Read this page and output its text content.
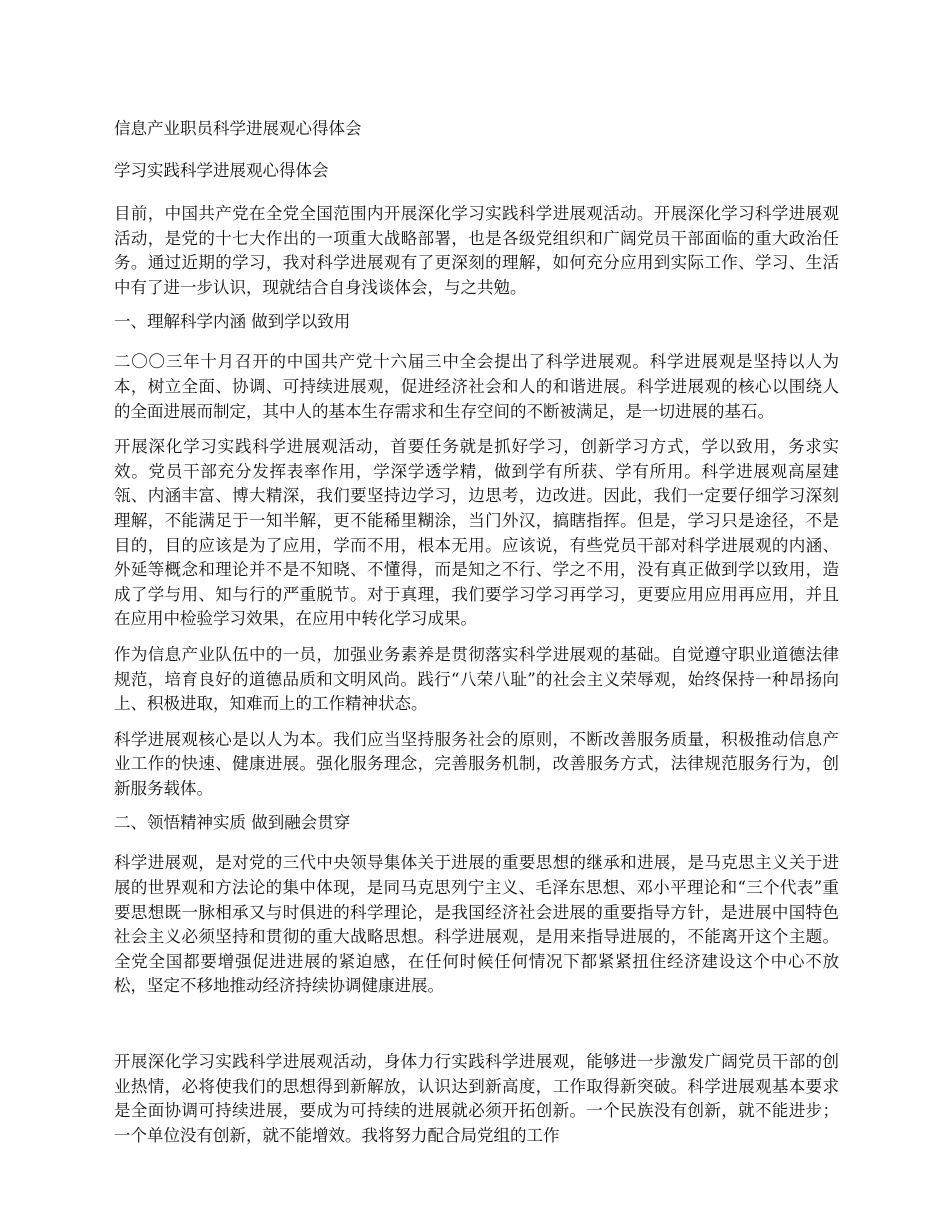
信息产业职员科学进展观心得体会
学习实践科学进展观心得体会

目前，中国共产党在全党全国范围内开展深化学习实践科学进展观活动。开展深化学习科学进展观活动，是党的十七大作出的一项重大战略部署，也是各级党组织和广阔党员干部面临的重大政治任务。通过近期的学习，我对科学进展观有了更深刻的理解，如何充分应用到实际工作、学习、生活中有了进一步认识，现就结合自身浅谈体会，与之共勉。

一、理解科学内涵 做到学以致用

二〇〇三年十月召开的中国共产党十六届三中全会提出了科学进展观。科学进展观是坚持以人为本，树立全面、协调、可持续进展观，促进经济社会和人的和谐进展。科学进展观的核心以围绕人的全面进展而制定，其中人的基本生存需求和生存空间的不断被满足，是一切进展的基石。

开展深化学习实践科学进展观活动，首要任务就是抓好学习，创新学习方式，学以致用，务求实效。党员干部充分发挥表率作用，学深学透学精，做到学有所获、学有所用。科学进展观高屋建瓴、内涵丰富、博大精深，我们要坚持边学习，边思考，边改进。因此，我们一定要仔细学习深刻理解，不能满足于一知半解，更不能稀里糊涂，当门外汉，搞瞎指挥。但是，学习只是途径，不是目的，目的应该是为了应用，学而不用，根本无用。应该说，有些党员干部对科学进展观的内涵、外延等概念和理论并不是不知晓、不懂得，而是知之不行、学之不用，没有真正做到学以致用，造成了学与用、知与行的严重脱节。对于真理，我们要学习学习再学习，更要应用应用再应用，并且在应用中检验学习效果，在应用中转化学习成果。

作为信息产业队伍中的一员，加强业务素养是贯彻落实科学进展观的基础。自觉遵守职业道德法律规范，培育良好的道德品质和文明风尚。践行“八荣八耻”的社会主义荣辱观，始终保持一种昂扬向上、积极进取，知难而上的工作精神状态。

科学进展观核心是以人为本。我们应当坚持服务社会的原则，不断改善服务质量，积极推动信息产业工作的快速、健康进展。强化服务理念，完善服务机制，改善服务方式，法律规范服务行为，创新服务载体。

二、领悟精神实质 做到融会贯穿

科学进展观，是对党的三代中央领导集体关于进展的重要思想的继承和进展，是马克思主义关于进展的世界观和方法论的集中体现，是同马克思列宁主义、毛泽东思想、邓小平理论和“三个代表”重要思想既一脉相承又与时俱进的科学理论，是我国经济社会进展的重要指导方针，是进展中国特色社会主义必须坚持和贯彻的重大战略思想。科学进展观，是用来指导进展的，不能离开这个主题。全党全国都要增强促进进展的紧迫感，在任何时候任何情况下都紧紧扭住经济建设这个中心不放松，坚定不移地推动经济持续协调健康进展。

开展深化学习实践科学进展观活动，身体力行实践科学进展观，能够进一步激发广阔党员干部的创业热情，必将使我们的思想得到新解放，认识达到新高度，工作取得新突破。科学进展观基本要求是全面协调可持续进展，要成为可持续的进展就必须开拓创新。一个民族没有创新，就不能进步；一个单位没有创新，就不能增效。我将努力配合局党组的工作
